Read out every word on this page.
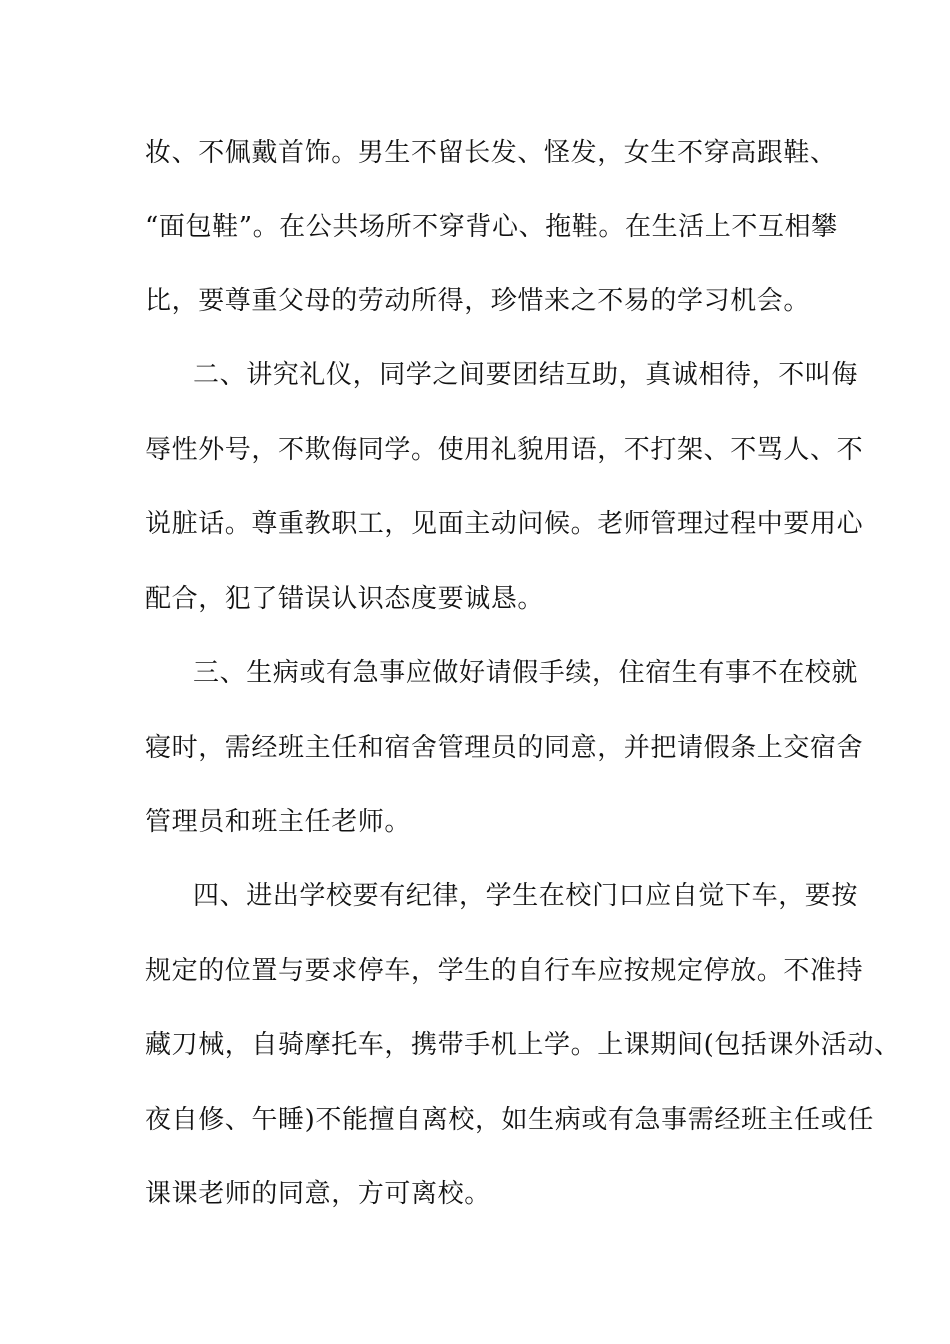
妆、不佩戴首饰。男生不留长发、怪发，女生不穿高跟鞋、
“面包鞋”。在公共场所不穿背心、拖鞋。在生活上不互相攀
比，要尊重父母的劳动所得，珍惜来之不易的学习机会。
二、讲究礼仪，同学之间要团结互助，真诚相待，不叫侮
辱性外号，不欺侮同学。使用礼貌用语，不打架、不骂人、不
说脏话。尊重教职工，见面主动问候。老师管理过程中要用心
配合，犯了错误认识态度要诚恳。
三、生病或有急事应做好请假手续，住宿生有事不在校就
寝时，需经班主任和宿舍管理员的同意，并把请假条上交宿舍
管理员和班主任老师。
四、进出学校要有纪律，学生在校门口应自觉下车，要按
规定的位置与要求停车，学生的自行车应按规定停放。不准持
藏刀械，自骑摩托车，携带手机上学。上课期间(包括课外活动、
夜自修、午睡)不能擅自离校，如生病或有急事需经班主任或任
课课老师的同意，方可离校。
